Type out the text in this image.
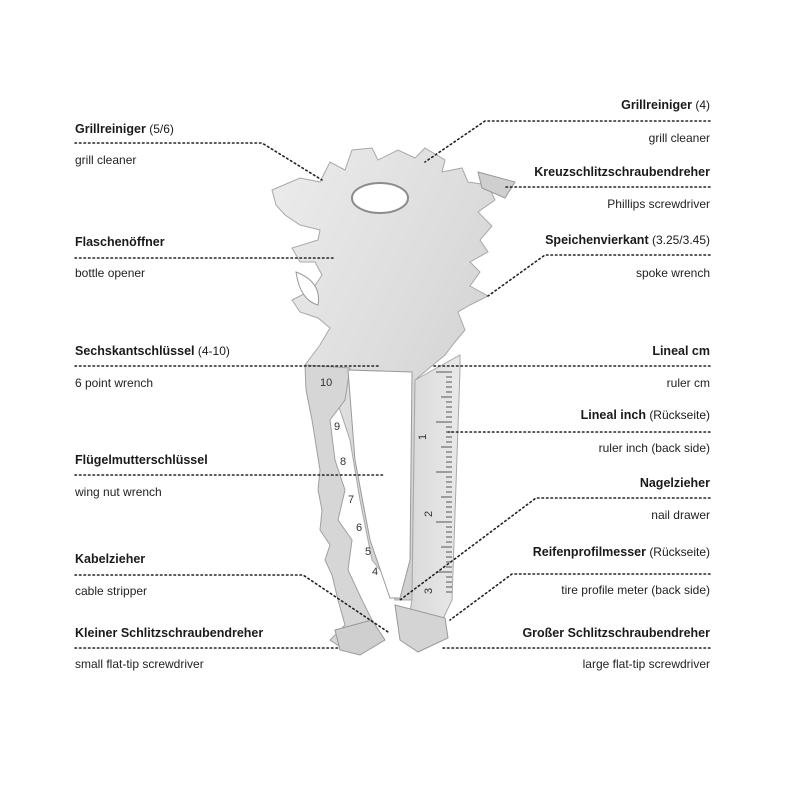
10
9
8
7
6
5
4
1
2
3
Grillreiniger (5/6)
grill cleaner
Flaschenöffner
bottle opener
Sechskantschlüssel (4-10)
6 point wrench
Flügelmutterschlüssel
wing nut wrench
Kabelzieher
cable stripper
Kleiner Schlitzschraubendreher
small flat-tip screwdriver
Grillreiniger (4)
grill cleaner
Kreuzschlitzschraubendreher
Phillips screwdriver
Speichenvierkant (3.25/3.45)
spoke wrench
Lineal cm
ruler cm
Lineal inch (Rückseite)
ruler inch (back side)
Nagelzieher
nail drawer
Reifenprofilmesser (Rückseite)
tire profile meter (back side)
Großer Schlitzschraubendreher
large flat-tip screwdriver
